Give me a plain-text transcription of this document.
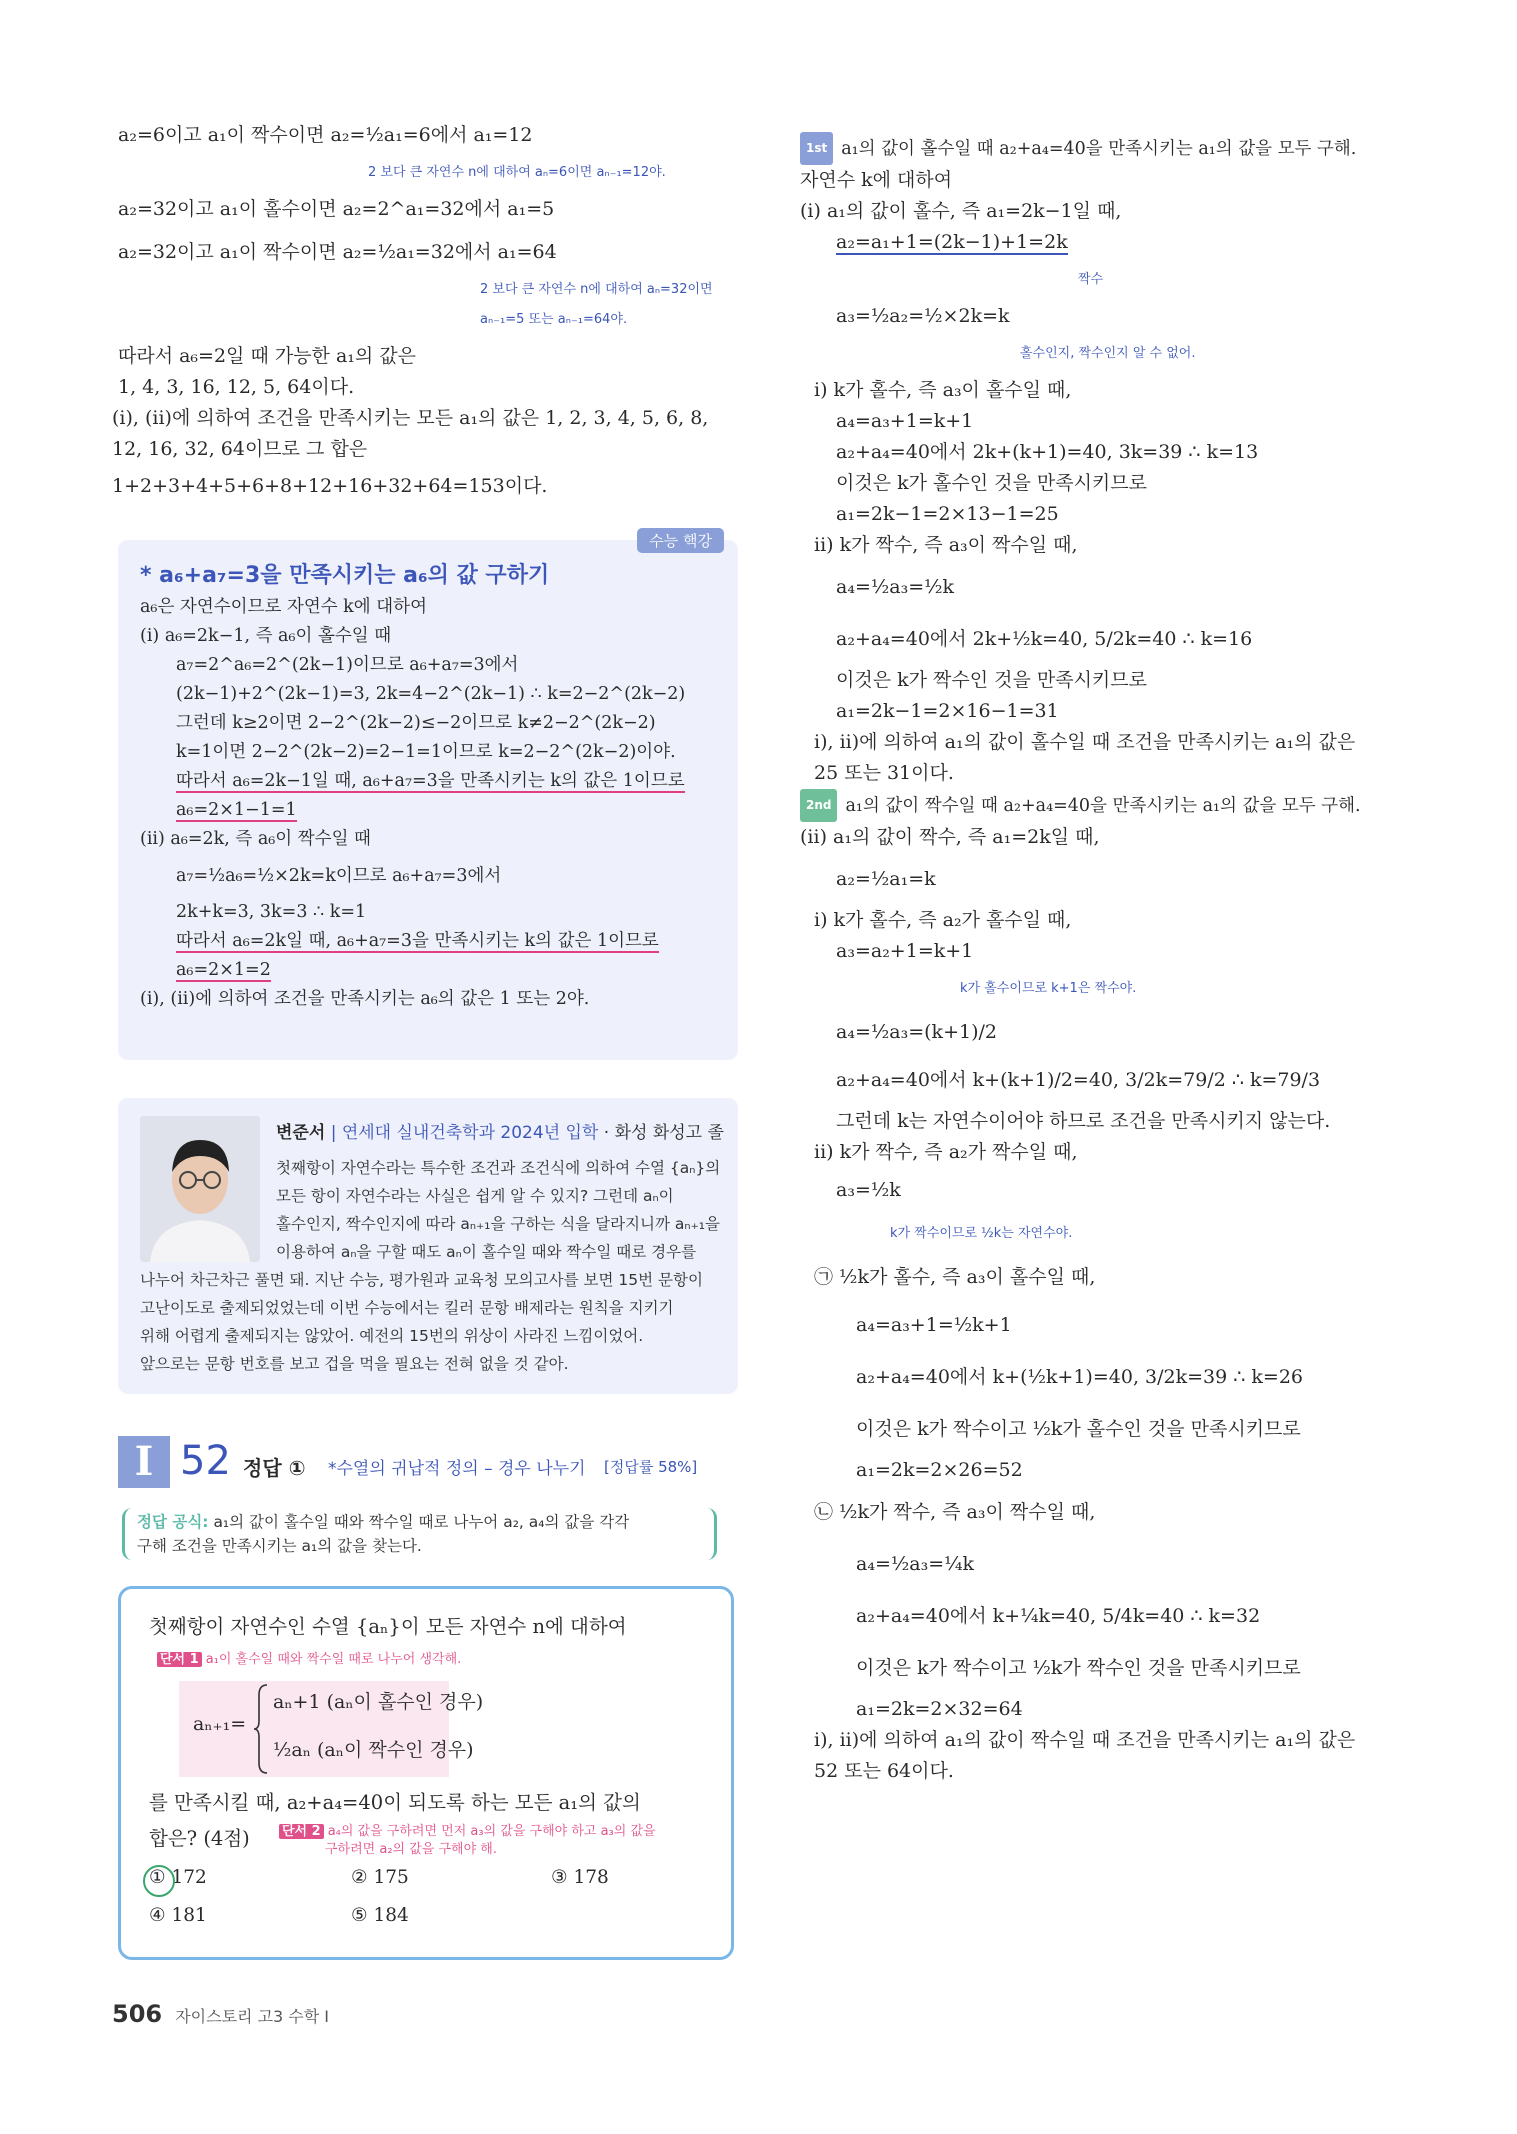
a₂=6이고 a₁이 짝수이면 a₂=½a₁=6에서 a₁=12

2 보다 큰 자연수 n에 대하여 aₙ=6이면 aₙ₋₁=12야.

a₂=32이고 a₁이 홀수이면 a₂=2^a₁=32에서 a₁=5

a₂=32이고 a₁이 짝수이면 a₂=½a₁=32에서 a₁=64

2 보다 큰 자연수 n에 대하여 aₙ=32이면

aₙ₋₁=5 또는 aₙ₋₁=64야.

따라서 a₆=2일 때 가능한 a₁의 값은

1, 4, 3, 16, 12, 5, 64이다.

(i), (ii)에 의하여 조건을 만족시키는 모든 a₁의 값은 1, 2, 3, 4, 5, 6, 8,

12, 16, 32, 64이므로 그 합은

1+2+3+4+5+6+8+12+16+32+64=153이다.

수능 핵강
* a₆+a₇=3을 만족시키는 a₆의 값 구하기

a₆은 자연수이므로 자연수 k에 대하여

(i) a₆=2k−1, 즉 a₆이 홀수일 때

a₇=2^a₆=2^(2k−1)이므로 a₆+a₇=3에서

(2k−1)+2^(2k−1)=3, 2k=4−2^(2k−1) ∴ k=2−2^(2k−2)

그런데 k≥2이면 2−2^(2k−2)≤−2이므로 k≠2−2^(2k−2)

k=1이면 2−2^(2k−2)=2−1=1이므로 k=2−2^(2k−2)이야.

따라서 a₆=2k−1일 때, a₆+a₇=3을 만족시키는 k의 값은 1이므로

a₆=2×1−1=1

(ii) a₆=2k, 즉 a₆이 짝수일 때

a₇=½a₆=½×2k=k이므로 a₆+a₇=3에서

2k+k=3, 3k=3 ∴ k=1

따라서 a₆=2k일 때, a₆+a₇=3을 만족시키는 k의 값은 1이므로

a₆=2×1=2

(i), (ii)에 의하여 조건을 만족시키는 a₆의 값은 1 또는 2야.

변준서 | 연세대 실내건축학과 2024년 입학 · 화성 화성고 졸
첫째항이 자연수라는 특수한 조건과 조건식에 의하여 수열 {aₙ}의
모든 항이 자연수라는 사실은 쉽게 알 수 있지? 그런데 aₙ이
홀수인지, 짝수인지에 따라 aₙ₊₁을 구하는 식을 달라지니까 aₙ₊₁을
이용하여 aₙ을 구할 때도 aₙ이 홀수일 때와 짝수일 때로 경우를
나누어 차근차근 풀면 돼. 지난 수능, 평가원과 교육청 모의고사를 보면 15번 문항이
고난이도로 출제되었었는데 이번 수능에서는 킬러 문항 배제라는 원칙을 지키기
위해 어렵게 출제되지는 않았어. 예전의 15번의 위상이 사라진 느낌이었어.
앞으로는 문항 번호를 보고 겁을 먹을 필요는 전혀 없을 것 같아.
I 52 정답 ① *수열의 귀납적 정의 – 경우 나누기 [정답률 58%]
정답 공식: a₁의 값이 홀수일 때와 짝수일 때로 나누어 a₂, a₄의 값을 각각
구해 조건을 만족시키는 a₁의 값을 찾는다.
첫째항이 자연수인 수열 {aₙ}이 모든 자연수 n에 대하여
단서 1 a₁이 홀수일 때와 짝수일 때로 나누어 생각해.
aₙ₊₁=
aₙ+1 (aₙ이 홀수인 경우)
½aₙ (aₙ이 짝수인 경우)
를 만족시킬 때, a₂+a₄=40이 되도록 하는 모든 a₁의 값의
합은? (4점) 단서 2 a₄의 값을 구하려면 먼저 a₃의 값을 구해야 하고 a₃의 값을
구하려면 a₂의 값을 구해야 해.
① 172	② 175	③ 178
④ 181	⑤ 184

1st a₁의 값이 홀수일 때 a₂+a₄=40을 만족시키는 a₁의 값을 모두 구해.

자연수 k에 대하여

(i) a₁의 값이 홀수, 즉 a₁=2k−1일 때,

a₂=a₁+1=(2k−1)+1=2k

짝수

a₃=½a₂=½×2k=k

홀수인지, 짝수인지 알 수 없어.

i) k가 홀수, 즉 a₃이 홀수일 때,

a₄=a₃+1=k+1

a₂+a₄=40에서 2k+(k+1)=40, 3k=39 ∴ k=13

이것은 k가 홀수인 것을 만족시키므로

a₁=2k−1=2×13−1=25

ii) k가 짝수, 즉 a₃이 짝수일 때,

a₄=½a₃=½k

a₂+a₄=40에서 2k+½k=40, 5/2k=40 ∴ k=16

이것은 k가 짝수인 것을 만족시키므로

a₁=2k−1=2×16−1=31

i), ii)에 의하여 a₁의 값이 홀수일 때 조건을 만족시키는 a₁의 값은

25 또는 31이다.

2nd a₁의 값이 짝수일 때 a₂+a₄=40을 만족시키는 a₁의 값을 모두 구해.

(ii) a₁의 값이 짝수, 즉 a₁=2k일 때,

a₂=½a₁=k

i) k가 홀수, 즉 a₂가 홀수일 때,

a₃=a₂+1=k+1

k가 홀수이므로 k+1은 짝수야.

a₄=½a₃=(k+1)/2

a₂+a₄=40에서 k+(k+1)/2=40, 3/2k=79/2 ∴ k=79/3

그런데 k는 자연수이어야 하므로 조건을 만족시키지 않는다.

ii) k가 짝수, 즉 a₂가 짝수일 때,

a₃=½k

k가 짝수이므로 ½k는 자연수야.

㉠ ½k가 홀수, 즉 a₃이 홀수일 때,

a₄=a₃+1=½k+1

a₂+a₄=40에서 k+(½k+1)=40, 3/2k=39 ∴ k=26

이것은 k가 짝수이고 ½k가 홀수인 것을 만족시키므로

a₁=2k=2×26=52

㉡ ½k가 짝수, 즉 a₃이 짝수일 때,

a₄=½a₃=¼k

a₂+a₄=40에서 k+¼k=40, 5/4k=40 ∴ k=32

이것은 k가 짝수이고 ½k가 짝수인 것을 만족시키므로

a₁=2k=2×32=64

i), ii)에 의하여 a₁의 값이 짝수일 때 조건을 만족시키는 a₁의 값은

52 또는 64이다.

506 자이스토리 고3 수학 I
